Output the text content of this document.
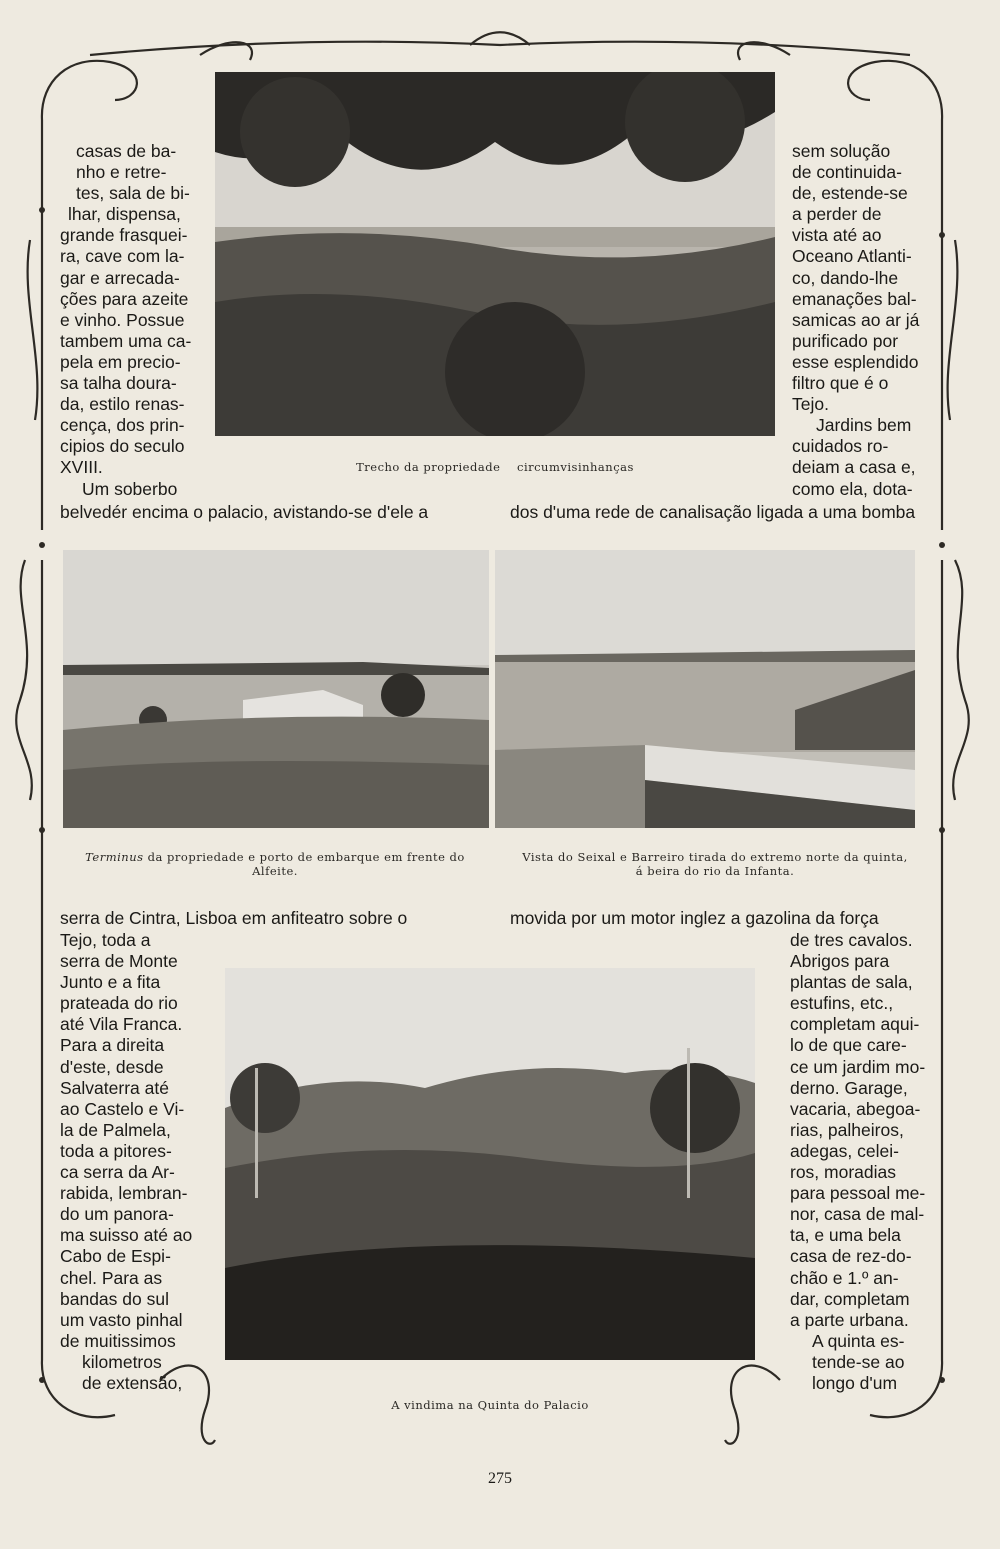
casas de ba-

nho e retre-

tes, sala de bi-

lhar, dispensa,

grande frasquei-

ra, cave com la-

gar e arrecada-

ções para azeite

e vinho. Possue

tambem uma ca-

pela em precio-

sa talha doura-

da, estilo renas-

cença, dos prin-

cipios do seculo

XVIII.

Um soberbo

sem solução

de continuida-

de, estende-se

a perder de

vista até ao

Oceano Atlanti-

co, dando-lhe

emanações bal-

samicas ao ar já

purificado por

esse esplendido

filtro que é o

Tejo.

Jardins bem

cuidados ro-

deiam a casa e,

como ela, dota-

Trecho da propriedade    circumvisinhanças
belvedér encima o palacio, avistando-se d'ele a	dos d'uma rede de canalisação ligada a uma bomba
Terminus da propriedade e porto de embarque em frente do
Alfeite.
Vista do Seixal e Barreiro tirada do extremo norte da quinta,
á beira do rio da Infanta.
serra de Cintra, Lisboa em anfiteatro sobre o	movida por um motor inglez a gazolina da força

Tejo, toda a

serra de Monte

Junto e a fita

prateada do rio

até Vila Franca.

Para a direita

d'este, desde

Salvaterra até

ao Castelo e Vi-

la de Palmela,

toda a pitores-

ca serra da Ar-

rabida, lembran-

do um panora-

ma suisso até ao

Cabo de Espi-

chel. Para as

bandas do sul

um vasto pinhal

de muitissimos

kilometros

de extensão,

de tres cavalos.

Abrigos para

plantas de sala,

estufins, etc.,

completam aqui-

lo de que care-

ce um jardim mo-

derno. Garage,

vacaria, abegoa-

rias, palheiros,

adegas, celei-

ros, moradias

para pessoal me-

nor, casa de mal-

ta, e uma bela

casa de rez-do-

chão e 1.º an-

dar, completam

a parte urbana.

A quinta es-

tende-se ao

longo d'um

A vindima na Quinta do Palacio
275
